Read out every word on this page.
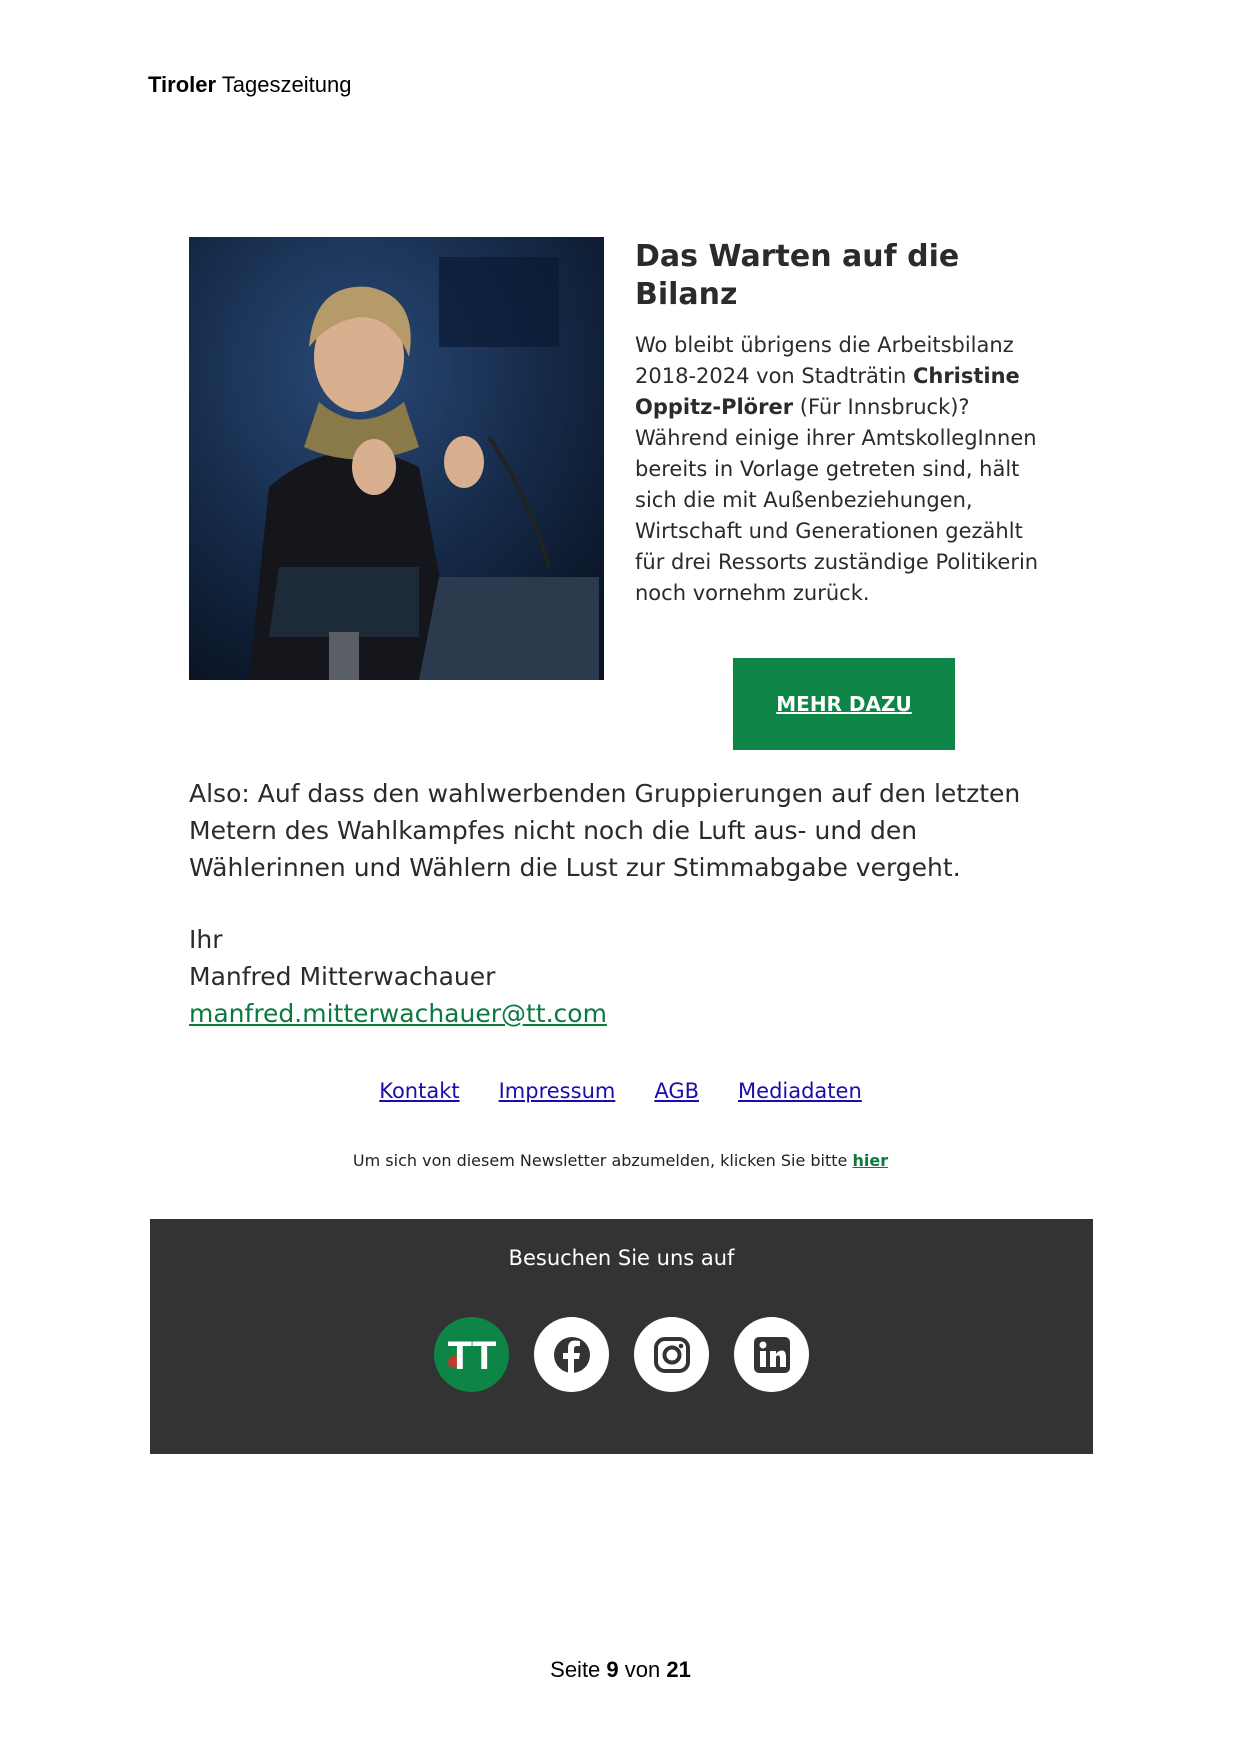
Tiroler Tageszeitung
Das Warten auf die Bilanz
Wo bleibt übrigens die Arbeitsbilanz 2018-2024 von Stadträtin Christine Oppitz-Plörer (Für Innsbruck)? Während einige ihrer AmtskollegInnen bereits in Vorlage getreten sind, hält sich die mit Außenbeziehungen, Wirtschaft und Generationen gezählt für drei Ressorts zuständige Politikerin noch vornehm zurück.
MEHR DAZU
Also: Auf dass den wahlwerbenden Gruppierungen auf den letzten Metern des Wahlkampfes nicht noch die Luft aus- und den Wählerinnen und Wählern die Lust zur Stimmabgabe vergeht.
Ihr
Manfred Mitterwachauer
manfred.mitterwachauer@tt.com
Kontakt Impressum AGB Mediadaten
Um sich von diesem Newsletter abzumelden, klicken Sie bitte hier
Besuchen Sie uns auf
TT
Seite 9 von 21
